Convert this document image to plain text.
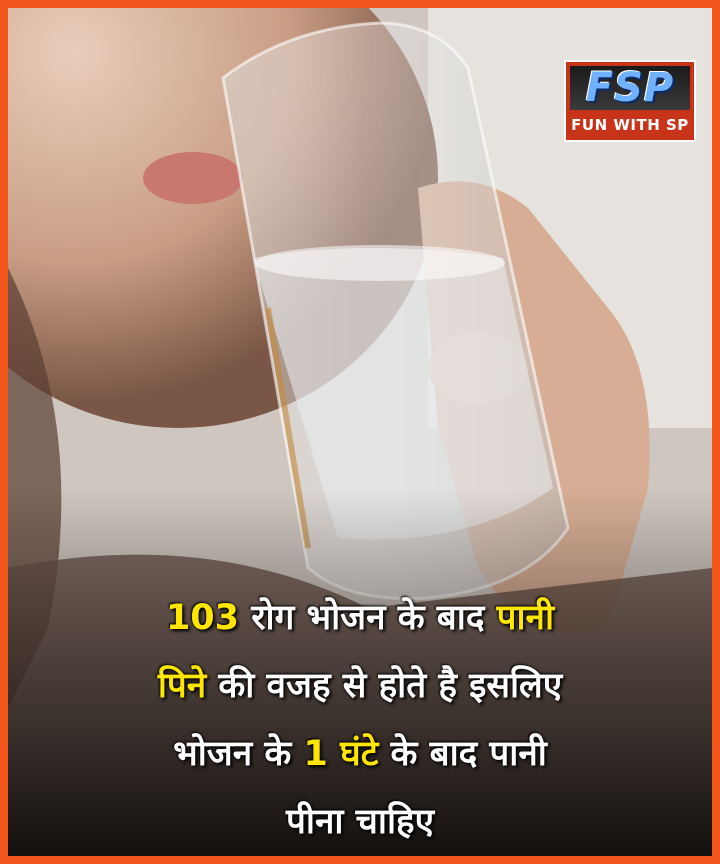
FSP
FUN WITH SP
103 रोग भोजन के बाद पानी
पिने की वजह से होते है इसलिए
भोजन के 1 घंटे के बाद पानी
पीना चाहिए
